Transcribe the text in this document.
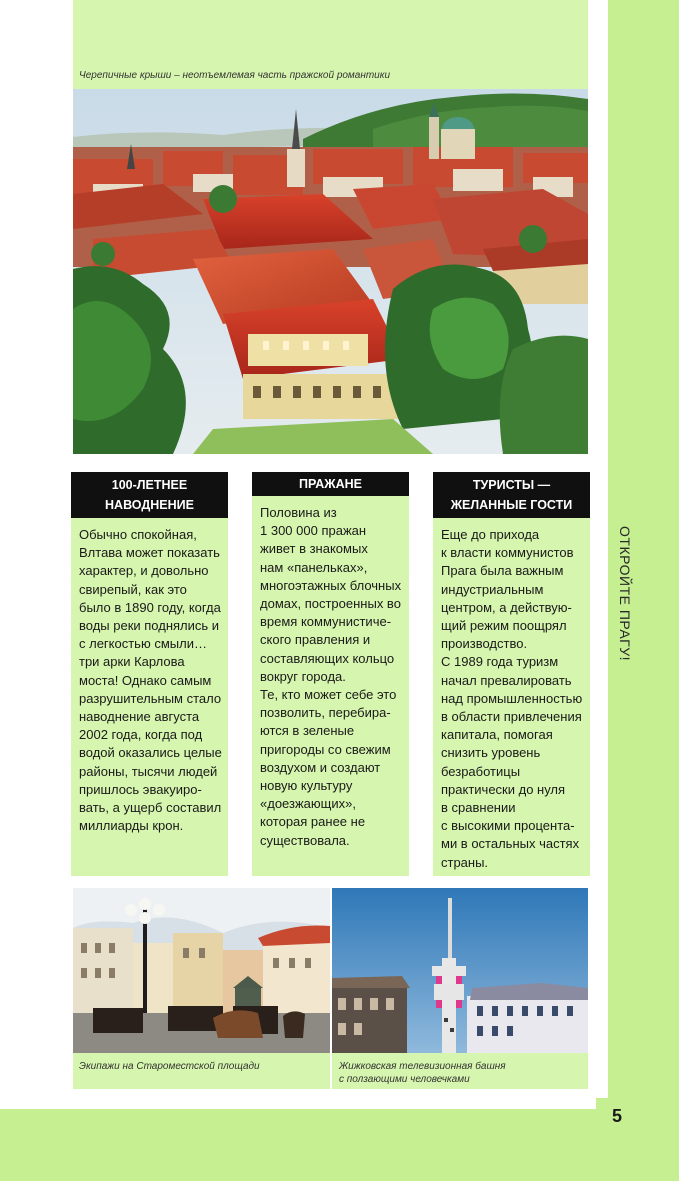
ОТКРОЙТЕ ПРАГУ!
Черепичные крыши – неотъемлемая часть пражской романтики
100-ЛЕТНЕЕ
НАВОДНЕНИЕ

Обычно спокойная,

Влтава может показать

характер, и довольно

свирепый, как это

было в 1890 году, когда

воды реки поднялись и

с легкостью смыли…

три арки Карлова

моста! Однако самым

разрушительным стало

наводнение августа

2002 года, когда под

водой оказались целые

районы, тысячи людей

пришлось эвакуиро-

вать, а ущерб составил

миллиарды крон.

ПРАЖАНЕ

Половина из

1 300 000 пражан

живет в знакомых

нам «панельках»,

многоэтажных блочных

домах, построенных во

время коммунистиче-

ского правления и

составляющих кольцо

вокруг города.

Те, кто может себе это

позволить, перебира-

ются в зеленые

пригороды со свежим

воздухом и создают

новую культуру

«доезжающих»,

которая ранее не

существовала.

ТУРИСТЫ —
ЖЕЛАННЫЕ ГОСТИ

Еще до прихода

к власти коммунистов

Прага была важным

индустриальным

центром, а действую-

щий режим поощрял

производство.

С 1989 года туризм

начал превалировать

над промышленностью

в области привлечения

капитала, помогая

снизить уровень

безработицы

практически до нуля

в сравнении

с высокими процента-

ми в остальных частях

страны.

Экипажи на Староместской площади	Жижковская телевизионная башня
с ползающими человечками
5
